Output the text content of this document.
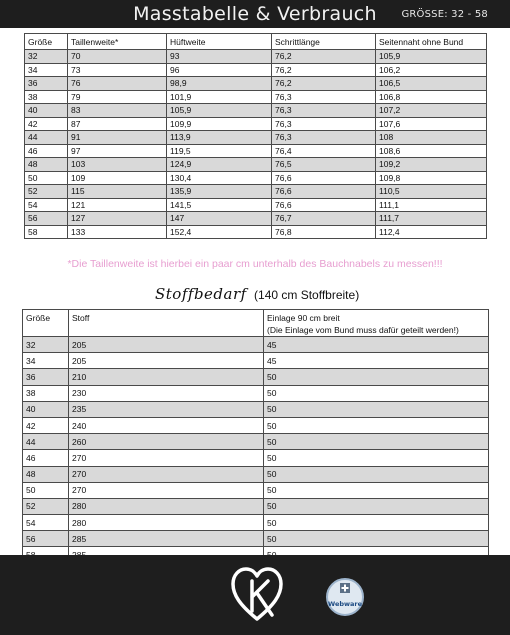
Masstabelle & Verbrauch	GRÖSSE: 32 - 58
Größe	Taillenweite*	Hüftweite	Schrittlänge	Seitennaht ohne Bund
32	70	93	76,2	105,9
34	73	96	76,2	106,2
36	76	98,9	76,2	106,5
38	79	101,9	76,3	106,8
40	83	105,9	76,3	107,2
42	87	109,9	76,3	107,6
44	91	113,9	76,3	108
46	97	119,5	76,4	108,6
48	103	124,9	76,5	109,2
50	109	130,4	76,6	109,8
52	115	135,9	76,6	110,5
54	121	141,5	76,6	111,1
56	127	147	76,7	111,7
58	133	152,4	76,8	112,4
*Die Taillenweite ist hierbei ein paar cm unterhalb des Bauchnabels zu messen!!!
Stoffbedarf (140 cm Stoffbreite)
Größe	Stoff	Einlage 90 cm breit
(Die Einlage vom Bund muss dafür geteilt werden!)

32	205	45
34	205	45
36	210	50
38	230	50
40	235	50
42	240	50
44	260	50
46	270	50
48	270	50
50	270	50
52	280	50
54	280	50
56	285	50

Webware
